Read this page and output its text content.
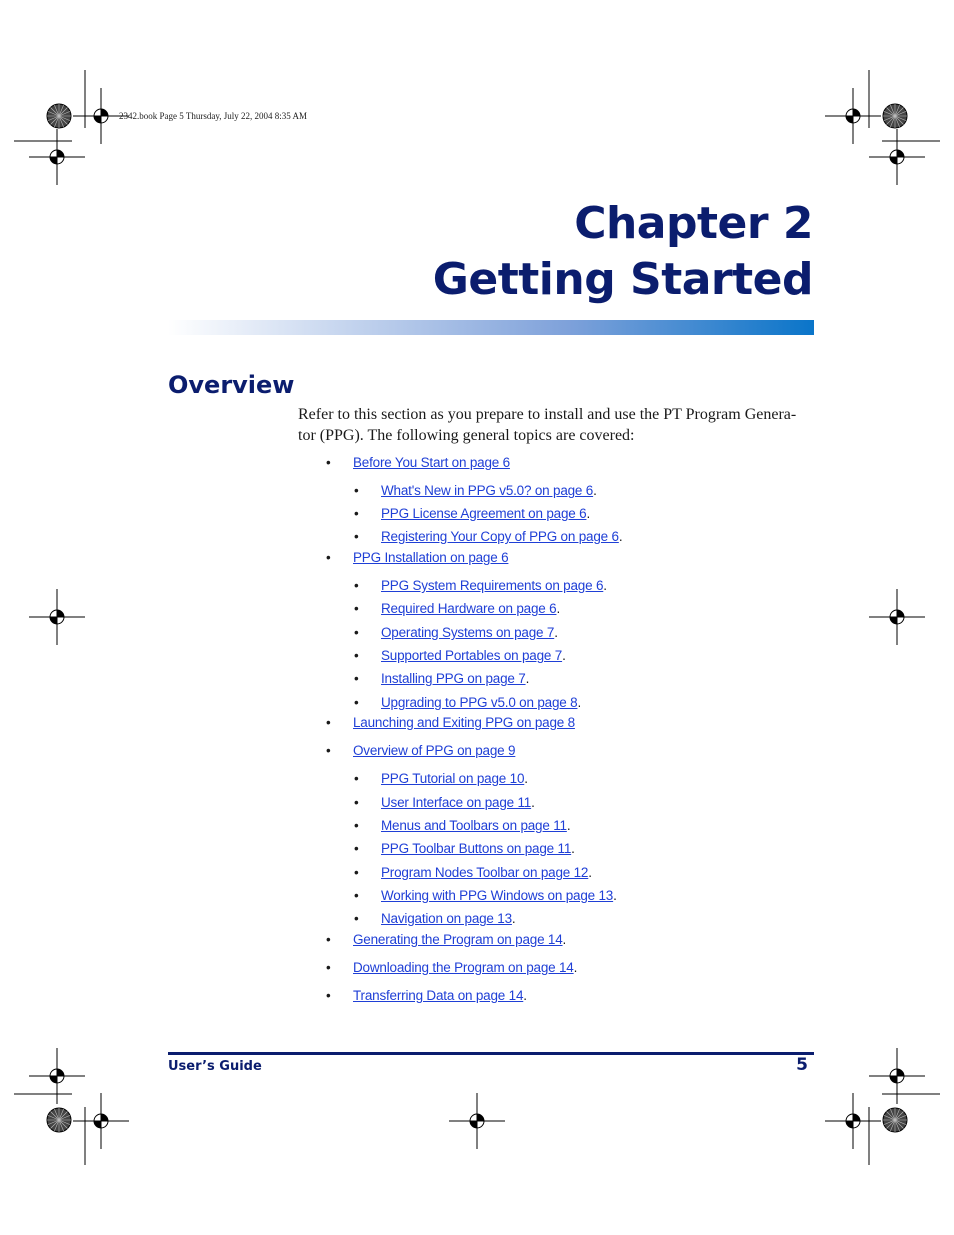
2342.book Page 5 Thursday, July 22, 2004 8:35 AM
Chapter 2
Getting Started
Overview

Refer to this section as you prepare to install and use the PT Program Genera-
tor (PPG). The following general topics are covered:

• Before You Start on page 6
• What's New in PPG v5.0? on page 6.
• PPG License Agreement on page 6.
• Registering Your Copy of PPG on page 6.
• PPG Installation on page 6
• PPG System Requirements on page 6.
• Required Hardware on page 6.
• Operating Systems on page 7.
• Supported Portables on page 7.
• Installing PPG on page 7.
• Upgrading to PPG v5.0 on page 8.
• Launching and Exiting PPG on page 8
• Overview of PPG on page 9
• PPG Tutorial on page 10.
• User Interface on page 11.
• Menus and Toolbars on page 11.
• PPG Toolbar Buttons on page 11.
• Program Nodes Toolbar on page 12.
• Working with PPG Windows on page 13.
• Navigation on page 13.
• Generating the Program on page 14.
• Downloading the Program on page 14.
• Transferring Data on page 14.
User’s Guide	5
